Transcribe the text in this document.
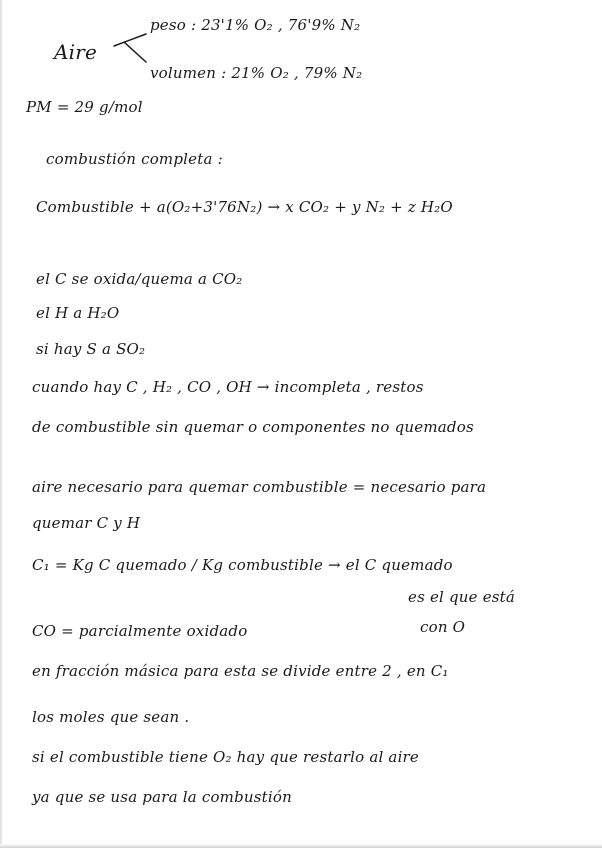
Aire
peso : 23'1% O₂ , 76'9% N₂
volumen : 21% O₂ , 79% N₂
PM = 29 g/mol
combustión completa :
Combustible + a(O₂+3'76N₂) → x CO₂ + y N₂ + z H₂O
el C se oxida/quema a CO₂
el H a H₂O
si hay S a SO₂
cuando hay C , H₂ , CO , OH → incompleta , restos
de combustible sin quemar o componentes no quemados
aire necesario para quemar combustible = necesario para
quemar C y H
C₁ = Kg C quemado / Kg combustible → el C quemado
es el que está
CO = parcialmente oxidado	con O
en fracción másica para esta se divide entre 2 , en C₁
los moles que sean .
si el combustible tiene O₂ hay que restarlo al aire
ya que se usa para la combustión
